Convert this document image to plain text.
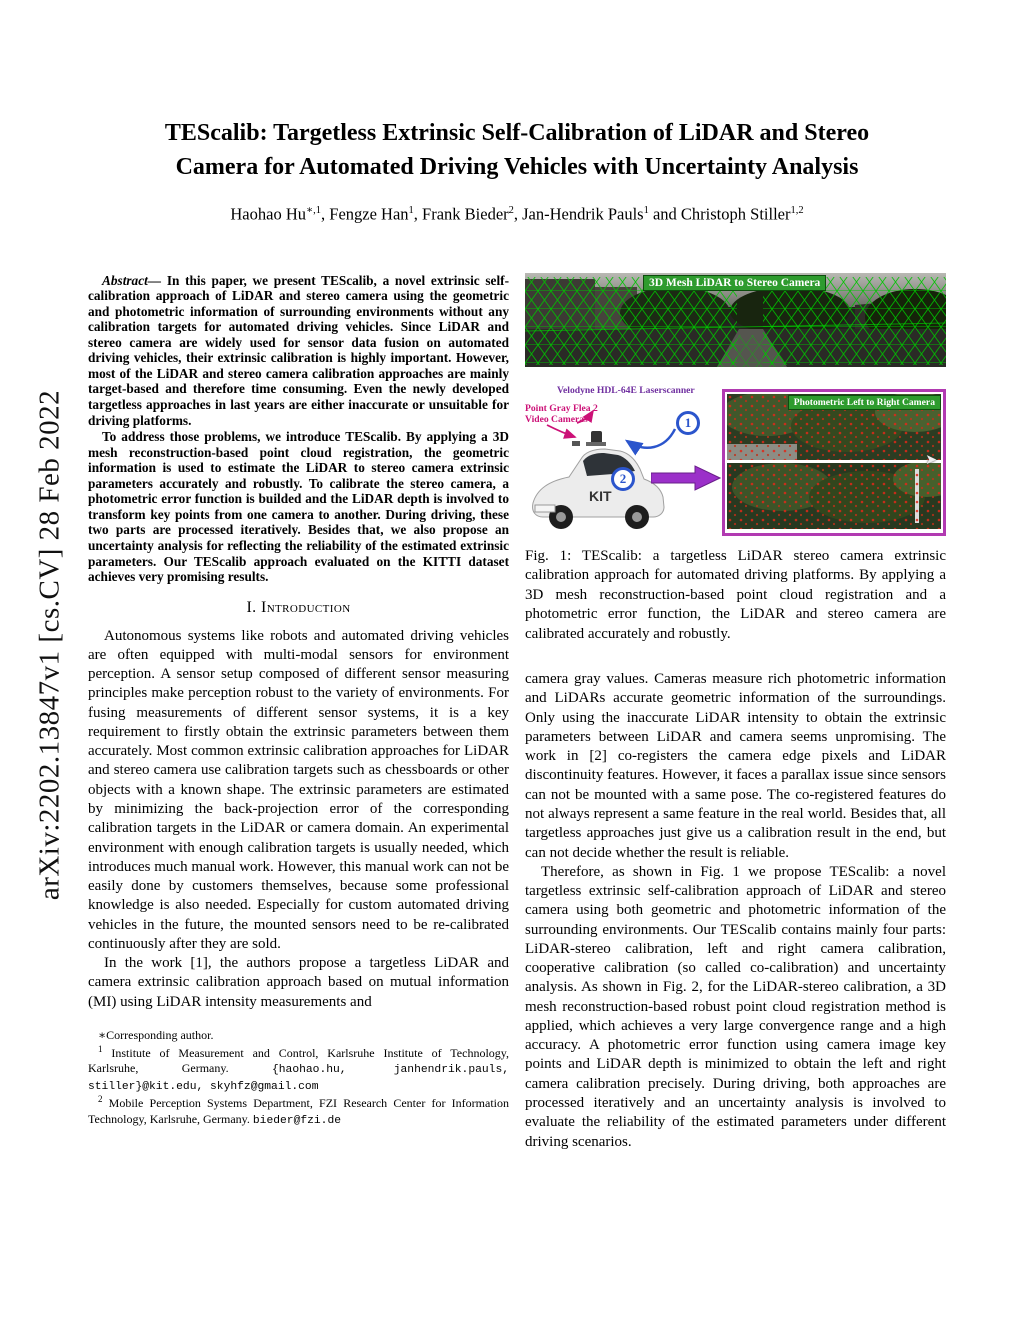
arXiv:2202.13847v1 [cs.CV] 28 Feb 2022
TEScalib: Targetless Extrinsic Self-Calibration of LiDAR and Stereo
Camera for Automated Driving Vehicles with Uncertainty Analysis
Haohao $Hu^{∗,1}$, Fengze Han$^1$, Frank Bieder$^2$, Jan-Hendrik Pauls$^1$ and Christoph Stiller$^{1,2}$

Abstract— In this paper, we present TEScalib, a novel extrinsic self-calibration approach of LiDAR and stereo camera using the geometric and photometric information of surrounding environments without any calibration targets for automated driving vehicles. Since LiDAR and stereo camera are widely used for sensor data fusion on automated driving vehicles, their extrinsic calibration is highly important. However, most of the LiDAR and stereo camera calibration approaches are mainly target-based and therefore time consuming. Even the newly developed targetless approaches in last years are either inaccurate or unsuitable for driving platforms.

To address those problems, we introduce TEScalib. By applying a 3D mesh reconstruction-based point cloud registration, the geometric information is used to estimate the LiDAR to stereo camera extrinsic parameters accurately and robustly. To calibrate the stereo camera, a photometric error function is builded and the LiDAR depth is involved to transform key points from one camera to another. During driving, these two parts are processed iteratively. Besides that, we also propose an uncertainty analysis for reflecting the reliability of the estimated extrinsic parameters. Our TEScalib approach evaluated on the KITTI dataset achieves very promising results.

I. Introduction

Autonomous systems like robots and automated driving vehicles are often equipped with multi-modal sensors for environment perception. A sensor setup composed of different sensor measuring principles make perception robust to the variety of environments. For fusing measurements of different sensor systems, it is a key requirement to firstly obtain the extrinsic parameters between them accurately. Most common extrinsic calibration approaches for LiDAR and stereo camera use calibration targets such as chessboards or other objects with a known shape. The extrinsic parameters are estimated by minimizing the back-projection error of the corresponding calibration targets in the LiDAR or camera domain. An experimental environment with enough calibration targets is usually needed, which introduces much manual work. However, this manual work can not be easily done by customers themselves, because some professional knowledge is also needed. Especially for custom automated driving vehicles in the future, the mounted sensors need to be re-calibrated continuously after they are sold.

In the work [1], the authors propose a targetless LiDAR and camera extrinsic calibration approach based on mutual information (MI) using LiDAR intensity measurements and

∗Corresponding author.

$^1$ Institute of Measurement and Control, Karlsruhe Institute of Technology, Karlsruhe, Germany. {haohao.hu, janhendrik.pauls, stiller}@kit.edu, skyhfz@gmail.com

$^2$ Mobile Perception Systems Department, FZI Research Center for Information Technology, Karlsruhe, Germany. bieder@fzi.de

3D Mesh LiDAR to Stereo Camera
Velodyne HDL-64E Laserscanner
Point Gray Flea 2
Video Cameras	1
2
KIT
Photometric Left to Right Camera
➤
Fig. 1: TEScalib: a targetless LiDAR stereo camera extrinsic calibration approach for automated driving platforms. By applying a 3D mesh reconstruction-based point cloud registration and a photometric error function, the LiDAR and stereo camera are calibrated accurately and robustly.

camera gray values. Cameras measure rich photometric information and LiDARs accurate geometric information of the surroundings. Only using the inaccurate LiDAR intensity to obtain the extrinsic parameters between LiDAR and camera seems unpromising. The work in [2] co-registers the camera edge pixels and LiDAR discontinuity features. However, it faces a parallax issue since sensors can not be mounted with a same pose. The co-registered features do not always represent a same feature in the real world. Besides that, all targetless approaches just give us a calibration result in the end, but can not decide whether the result is reliable.

Therefore, as shown in Fig. 1 we propose TEScalib: a novel targetless extrinsic self-calibration approach of LiDAR and stereo camera using both geometric and photometric information of the surrounding environments. Our TEScalib contains mainly four parts: LiDAR-stereo calibration, left and right camera calibration, cooperative calibration (so called co-calibration) and uncertainty analysis. As shown in Fig. 2, for the LiDAR-stereo calibration, a 3D mesh reconstruction-based robust point cloud registration method is applied, which achieves a very large convergence range and a high accuracy. A photometric error function using camera image key points and LiDAR depth is minimized to obtain the left and right camera calibration precisely. During driving, both approaches are processed iteratively and an uncertainty analysis is involved to evaluate the reliability of the estimated parameters under different driving scenarios.
